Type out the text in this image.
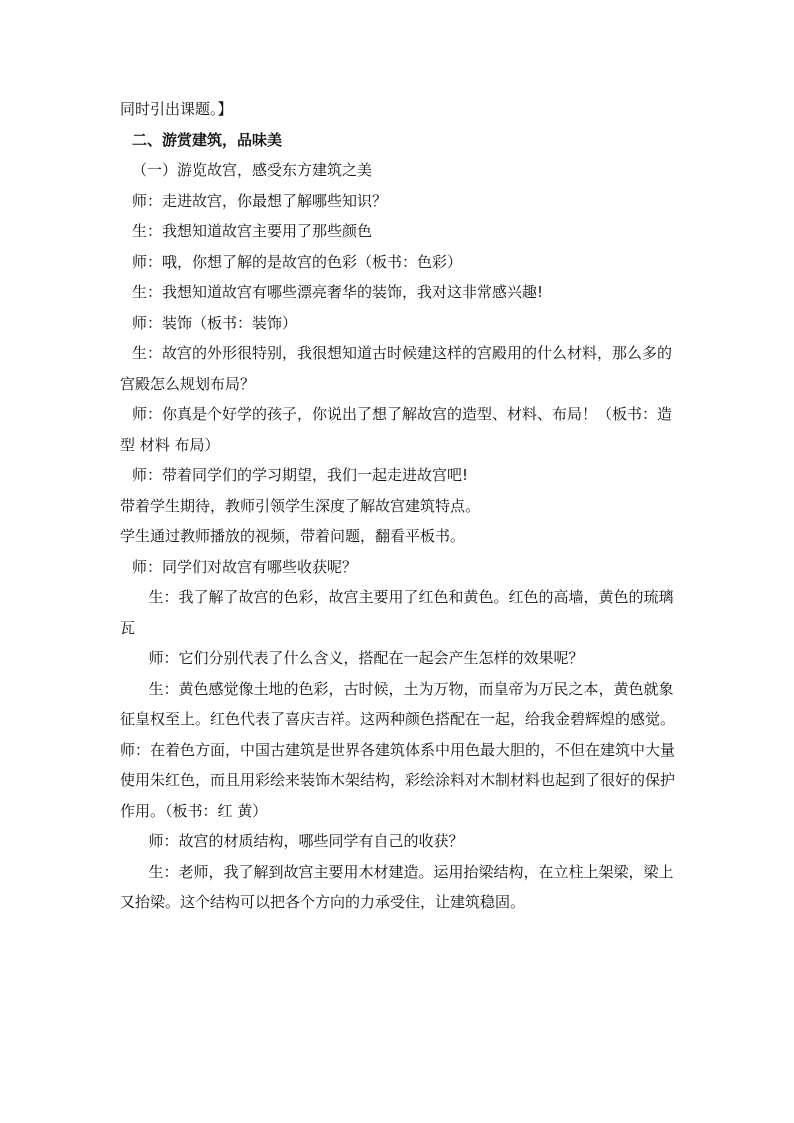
同时引出课题。】

二、游赏建筑，品味美

（一）游览故宫，感受东方建筑之美

师：走进故宫，你最想了解哪些知识？

生：我想知道故宫主要用了那些颜色

师：哦，你想了解的是故宫的色彩（板书：色彩）

生：我想知道故宫有哪些漂亮奢华的装饰，我对这非常感兴趣!

师：装饰（板书：装饰）

生：故宫的外形很特别，我很想知道古时候建这样的宫殿用的什么材料，那么多的宫殿怎么规划布局？

师：你真是个好学的孩子，你说出了想了解故宫的造型、材料、布局！（板书：造型 材料 布局）

师：带着同学们的学习期望，我们一起走进故宫吧!

带着学生期待，教师引领学生深度了解故宫建筑特点。

学生通过教师播放的视频，带着问题，翻看平板书。

师：同学们对故宫有哪些收获呢？

生：我了解了故宫的色彩，故宫主要用了红色和黄色。红色的高墙，黄色的琉璃瓦

师：它们分别代表了什么含义，搭配在一起会产生怎样的效果呢？

生：黄色感觉像土地的色彩，古时候，土为万物，而皇帝为万民之本，黄色就象征皇权至上。红色代表了喜庆吉祥。这两种颜色搭配在一起，给我金碧辉煌的感觉。

师：在着色方面，中国古建筑是世界各建筑体系中用色最大胆的，不但在建筑中大量使用朱红色，而且用彩绘来装饰木架结构，彩绘涂料对木制材料也起到了很好的保护作用。（板书：红 黄）

师：故宫的材质结构，哪些同学有自己的收获？

生：老师，我了解到故宫主要用木材建造。运用抬梁结构，在立柱上架梁，梁上又抬梁。这个结构可以把各个方向的力承受住，让建筑稳固。
